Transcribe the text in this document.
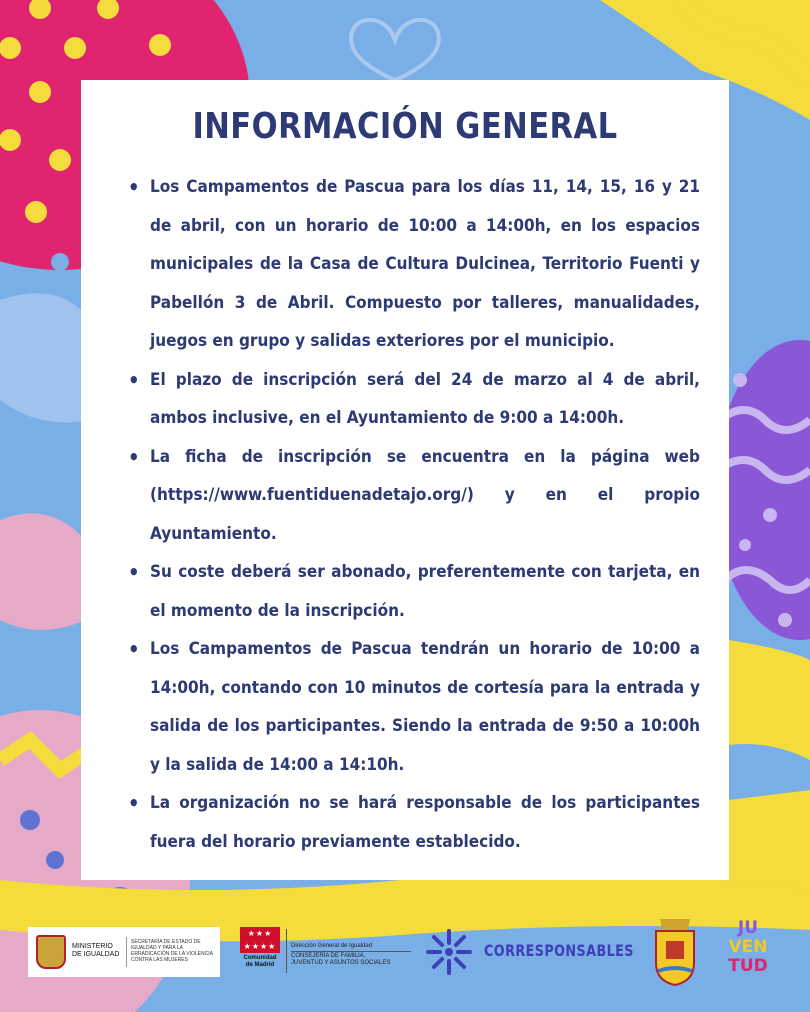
INFORMACIÓN GENERAL
• Los Campamentos de Pascua para los días 11, 14, 15, 16 y 21 de abril, con un horario de 10:00 a 14:00h, en los espacios municipales de la Casa de Cultura Dulcinea, Territorio Fuenti y Pabellón 3 de Abril. Compuesto por talleres, manualidades, juegos en grupo y salidas exteriores por el municipio.
• El plazo de inscripción será del 24 de marzo al 4 de abril, ambos inclusive, en el Ayuntamiento de 9:00 a 14:00h.
• La ficha de inscripción se encuentra en la página web (https://www.fuentiduenadetajo.org/) y en el propio Ayuntamiento.
• Su coste deberá ser abonado, preferentemente con tarjeta, en el momento de la inscripción.
• Los Campamentos de Pascua tendrán un horario de 10:00 a 14:00h, contando con 10 minutos de cortesía para la entrada y salida de los participantes. Siendo la entrada de 9:50 a 10:00h y la salida de 14:00 a 14:10h.
• La organización no se hará responsable de los participantes fuera del horario previamente establecido.
MINISTERIO
DE IGUALDAD
SECRETARÍA DE ESTADO DE IGUALDAD Y PARA LA ERRADICACIÓN DE LA VIOLENCIA CONTRA LAS MUJERES
★★★
★★★★
Comunidad
de Madrid
Dirección General de Igualdad
CONSEJERÍA DE FAMILIA,
JUVENTUD Y ASUNTOS SOCIALES
CORRESPONSABLES
JU
VEN
TUD
